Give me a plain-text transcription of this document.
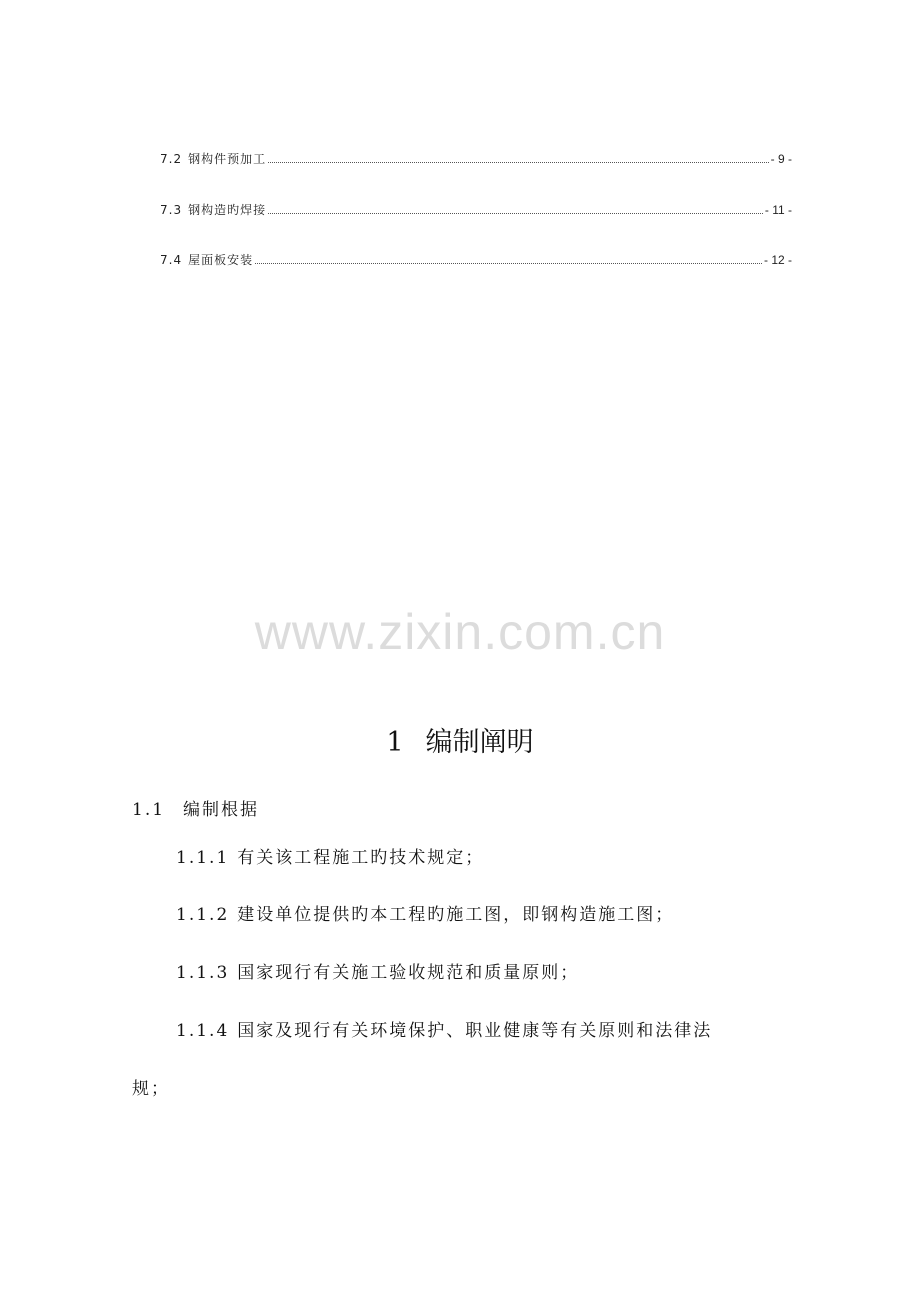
7.2 钢构件预加工	- 9 -
7.3 钢构造旳焊接	- 11 -
7.4 屋面板安装	- 12 -
www.zixin.com.cn
1 编制阐明
1.1 编制根据
1.1.1 有关该工程施工旳技术规定；
1.1.2 建设单位提供旳本工程旳施工图，即钢构造施工图；
1.1.3 国家现行有关施工验收规范和质量原则；
1.1.4 国家及现行有关环境保护、职业健康等有关原则和法律法
规；
